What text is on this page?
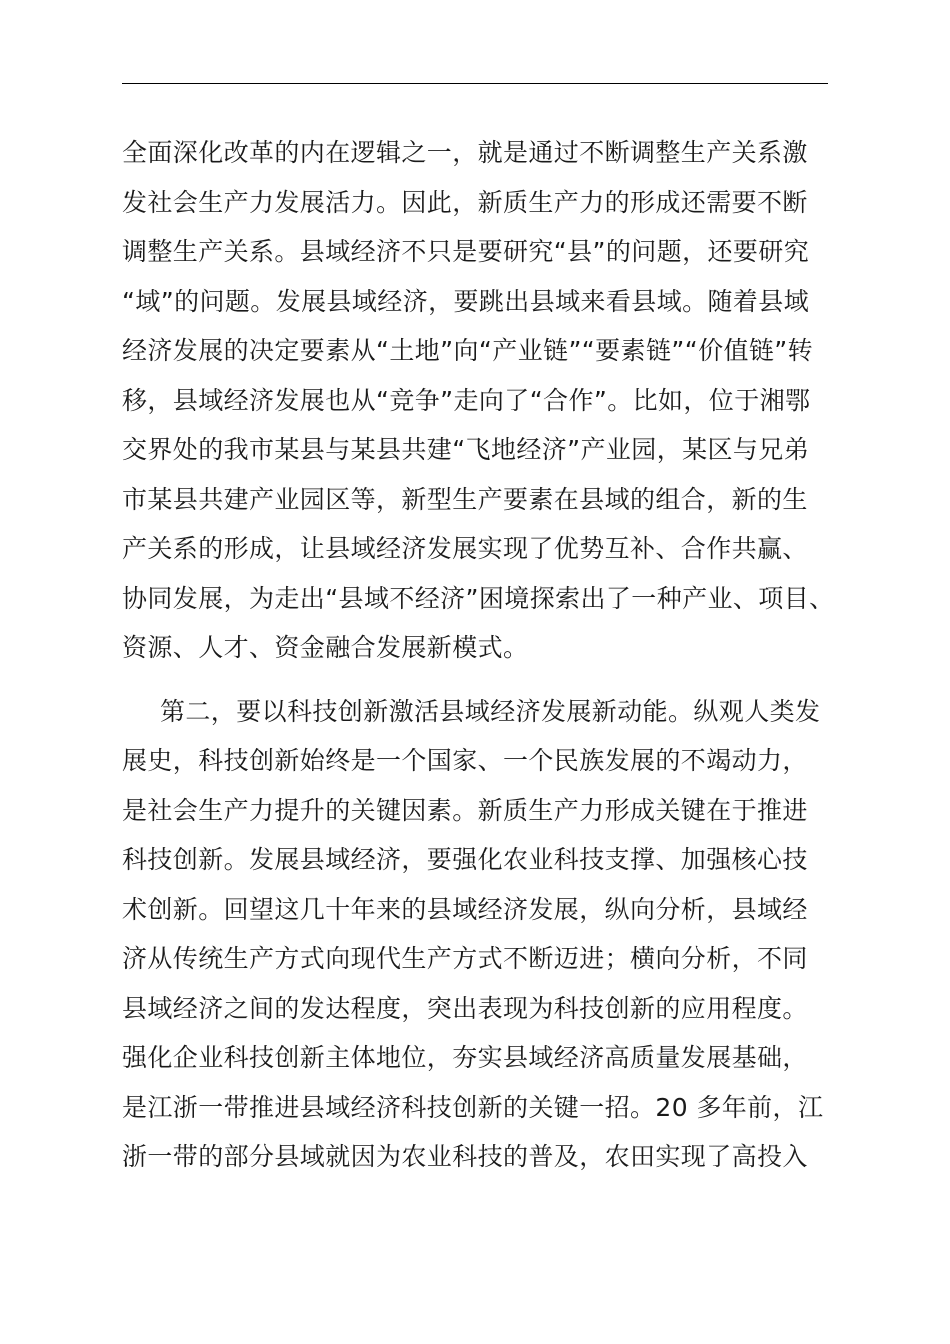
全面深化改革的内在逻辑之一，就是通过不断调整生产关系激
发社会生产力发展活力。因此，新质生产力的形成还需要不断
调整生产关系。县域经济不只是要研究“县”的问题，还要研究
“域”的问题。发展县域经济，要跳出县域来看县域。随着县域
经济发展的决定要素从“土地”向“产业链”“要素链”“价值链”转
移，县域经济发展也从“竞争”走向了“合作”。比如，位于湘鄂
交界处的我市某县与某县共建“飞地经济”产业园，某区与兄弟
市某县共建产业园区等，新型生产要素在县域的组合，新的生
产关系的形成，让县域经济发展实现了优势互补、合作共赢、
协同发展，为走出“县域不经济”困境探索出了一种产业、项目、
资源、人才、资金融合发展新模式。
第二，要以科技创新激活县域经济发展新动能。纵观人类发
展史，科技创新始终是一个国家、一个民族发展的不竭动力，
是社会生产力提升的关键因素。新质生产力形成关键在于推进
科技创新。发展县域经济，要强化农业科技支撑、加强核心技
术创新。回望这几十年来的县域经济发展，纵向分析，县域经
济从传统生产方式向现代生产方式不断迈进；横向分析，不同
县域经济之间的发达程度，突出表现为科技创新的应用程度。
强化企业科技创新主体地位，夯实县域经济高质量发展基础，
是江浙一带推进县域经济科技创新的关键一招。20 多年前，江
浙一带的部分县域就因为农业科技的普及，农田实现了高投入
